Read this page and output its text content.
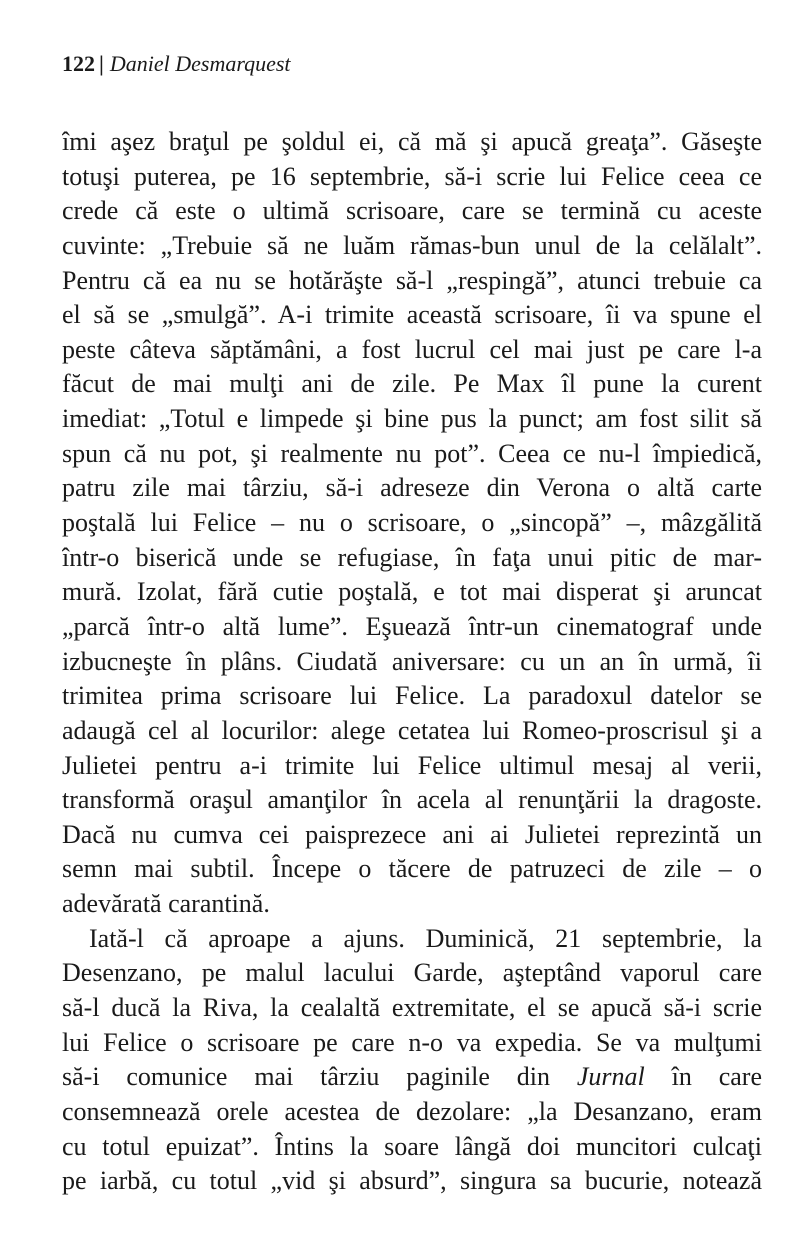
122 | Daniel Desmarquest
îmi aşez braţul pe şoldul ei, că mă şi apucă greaţa”. Găseşte
totuşi puterea, pe 16 septembrie, să-i scrie lui Felice ceea ce
crede că este o ultimă scrisoare, care se termină cu aceste
cuvinte: „Trebuie să ne luăm rămas-bun unul de la celălalt”.
Pentru că ea nu se hotărăşte să-l „respingă”, atunci trebuie ca
el să se „smulgă”. A-i trimite această scrisoare, îi va spune el
peste câteva săptămâni, a fost lucrul cel mai just pe care l-a
făcut de mai mulţi ani de zile. Pe Max îl pune la curent
imediat: „Totul e limpede şi bine pus la punct; am fost silit să
spun că nu pot, şi realmente nu pot”. Ceea ce nu-l împiedică,
patru zile mai târziu, să-i adreseze din Verona o altă carte
poştală lui Felice – nu o scrisoare, o „sincopă” –, mâzgălită
într-o biserică unde se refugiase, în faţa unui pitic de mar-
mură. Izolat, fără cutie poştală, e tot mai disperat şi aruncat
„parcă într-o altă lume”. Eşuează într-un cinematograf unde
izbucneşte în plâns. Ciudată aniversare: cu un an în urmă, îi
trimitea prima scrisoare lui Felice. La paradoxul datelor se
adaugă cel al locurilor: alege cetatea lui Romeo-proscrisul şi a
Julietei pentru a-i trimite lui Felice ultimul mesaj al verii,
transformă oraşul amanţilor în acela al renunţării la dragoste.
Dacă nu cumva cei paisprezece ani ai Julietei reprezintă un
semn mai subtil. Începe o tăcere de patruzeci de zile – o
adevărată carantină.
Iată-l că aproape a ajuns. Duminică, 21 septembrie, la
Desenzano, pe malul lacului Garde, aşteptând vaporul care
să-l ducă la Riva, la cealaltă extremitate, el se apucă să-i scrie
lui Felice o scrisoare pe care n-o va expedia. Se va mulţumi
să-i comunice mai târziu paginile din Jurnal în care
consemnează orele acestea de dezolare: „la Desanzano, eram
cu totul epuizat”. Întins la soare lângă doi muncitori culcaţi
pe iarbă, cu totul „vid şi absurd”, singura sa bucurie, notează
